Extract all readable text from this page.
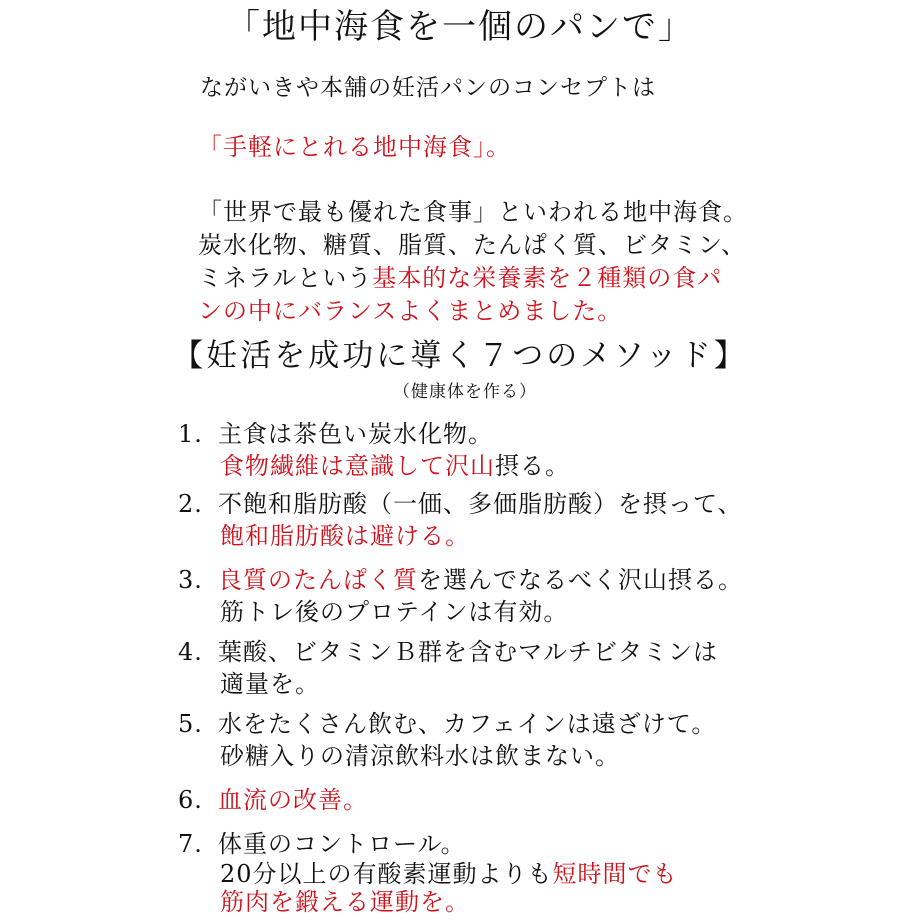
「地中海食を一個のパンで」
ながいきや本舗の妊活パンのコンセプトは
「手軽にとれる地中海食」。
「世界で最も優れた食事」といわれる地中海食。
炭水化物、糖質、脂質、たんぱく質、ビタミン、
ミネラルという基本的な栄養素を２種類の食パ
ンの中にバランスよくまとめました。
【妊活を成功に導く７つのメソッド】
（健康体を作る）
1. 主食は茶色い炭水化物。
食物繊維は意識して沢山摂る。
2. 不飽和脂肪酸（一価、多価脂肪酸）を摂って、
飽和脂肪酸は避ける。
3. 良質のたんぱく質を選んでなるべく沢山摂る。
筋トレ後のプロテインは有効。
4. 葉酸、ビタミンＢ群を含むマルチビタミンは
適量を。
5. 水をたくさん飲む、カフェインは遠ざけて。
砂糖入りの清涼飲料水は飲まない。
6. 血流の改善。
7. 体重のコントロール。
20分以上の有酸素運動よりも短時間でも
筋肉を鍛える運動を。
